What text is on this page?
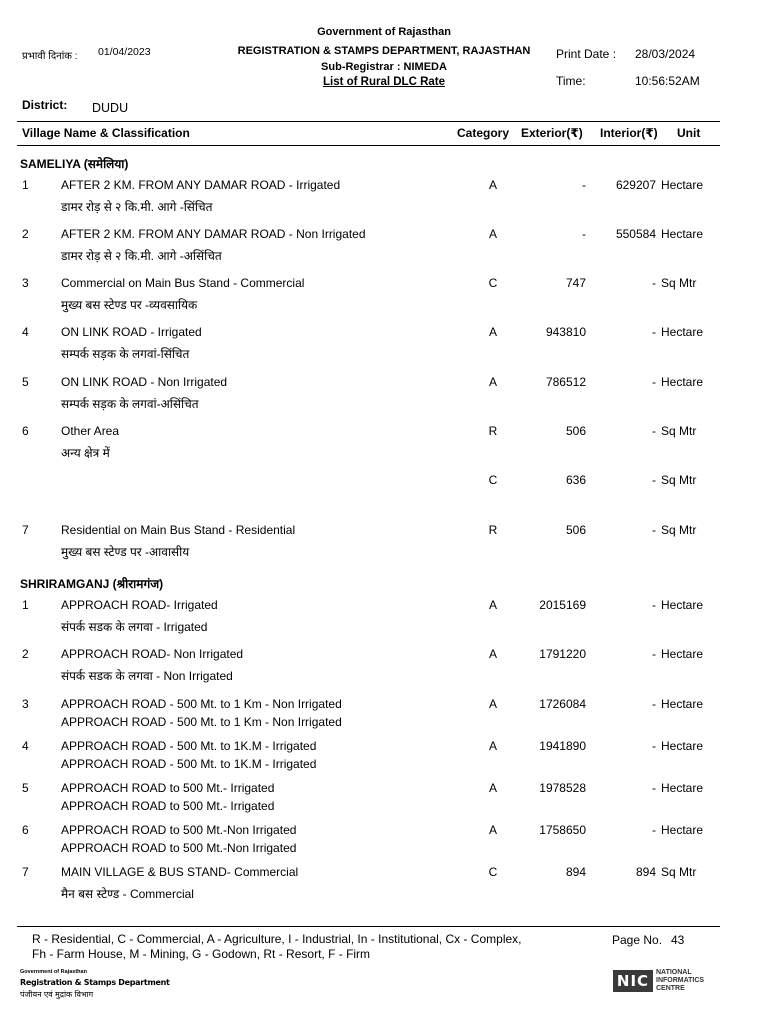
Government of Rajasthan
प्रभावी दिनांक : 01/04/2023	REGISTRATION & STAMPS DEPARTMENT, RAJASTHAN
Sub-Registrar : NIMEDA
List of Rural DLC Rate
Print Date : 28/03/2024
Time:	10:56:52AM
District: DUDU
Village Name & Classification	Category Exterior(₹) Interior(₹) Unit
SAMELIYA (समेलिया)
1	AFTER 2 KM. FROM ANY DAMAR ROAD - Irrigated
डामर रोड़ से २ कि.मी. आगे -सिंचित
A	-	629207 Hectare
2	AFTER 2 KM. FROM ANY DAMAR ROAD - Non Irrigated
डामर रोड़ से २ कि.मी. आगे -असिंचित
A	-	550584 Hectare
3	Commercial on Main Bus Stand - Commercial
मुख्य बस स्टेण्ड पर -व्यवसायिक
C	747	- Sq Mtr
4	ON LINK ROAD - Irrigated
सम्पर्क सड़क के लगवां-सिंचित
A	943810	- Hectare
5	ON LINK ROAD - Non Irrigated
सम्पर्क सड़क के लगवां-असिंचित
A	786512	- Hectare
6	Other Area
अन्य क्षेत्र में
R	506	- Sq Mtr
C	636	- Sq Mtr
7	Residential on Main Bus Stand - Residential
मुख्य बस स्टेण्ड पर -आवासीय
R	506	- Sq Mtr
SHRIRAMGANJ (श्रीरामगंज)
1	APPROACH ROAD- Irrigated
संपर्क सडक के लगवा - Irrigated
A	2015169	- Hectare
2	APPROACH ROAD- Non Irrigated
संपर्क सडक के लगवा - Non Irrigated
A	1791220	- Hectare
3	APPROACH ROAD - 500 Mt. to 1 Km - Non Irrigated
APPROACH ROAD - 500 Mt. to 1 Km - Non Irrigated
A	1726084	- Hectare
4	APPROACH ROAD - 500 Mt. to 1K.M - Irrigated
APPROACH ROAD - 500 Mt. to 1K.M - Irrigated
A	1941890	- Hectare
5	APPROACH ROAD to 500 Mt.- Irrigated
APPROACH ROAD to 500 Mt.- Irrigated
A	1978528	- Hectare
6	APPROACH ROAD to 500 Mt.-Non Irrigated
APPROACH ROAD to 500 Mt.-Non Irrigated
A	1758650	- Hectare
7	MAIN VILLAGE & BUS STAND- Commercial
मैन बस स्टेण्ड - Commercial
C	894	894 Sq Mtr
R - Residential, C - Commercial, A - Agriculture, I - Industrial, In - Institutional, Cx - Complex,
Fh - Farm House, M - Mining, G - Godown, Rt - Resort, F - Firm
Page No. 43
Government of Rajasthan
Registration & Stamps Department
पंजीयन एवं मुद्रांक विभाग
NIC NATIONAL
INFORMATICS
CENTRE
